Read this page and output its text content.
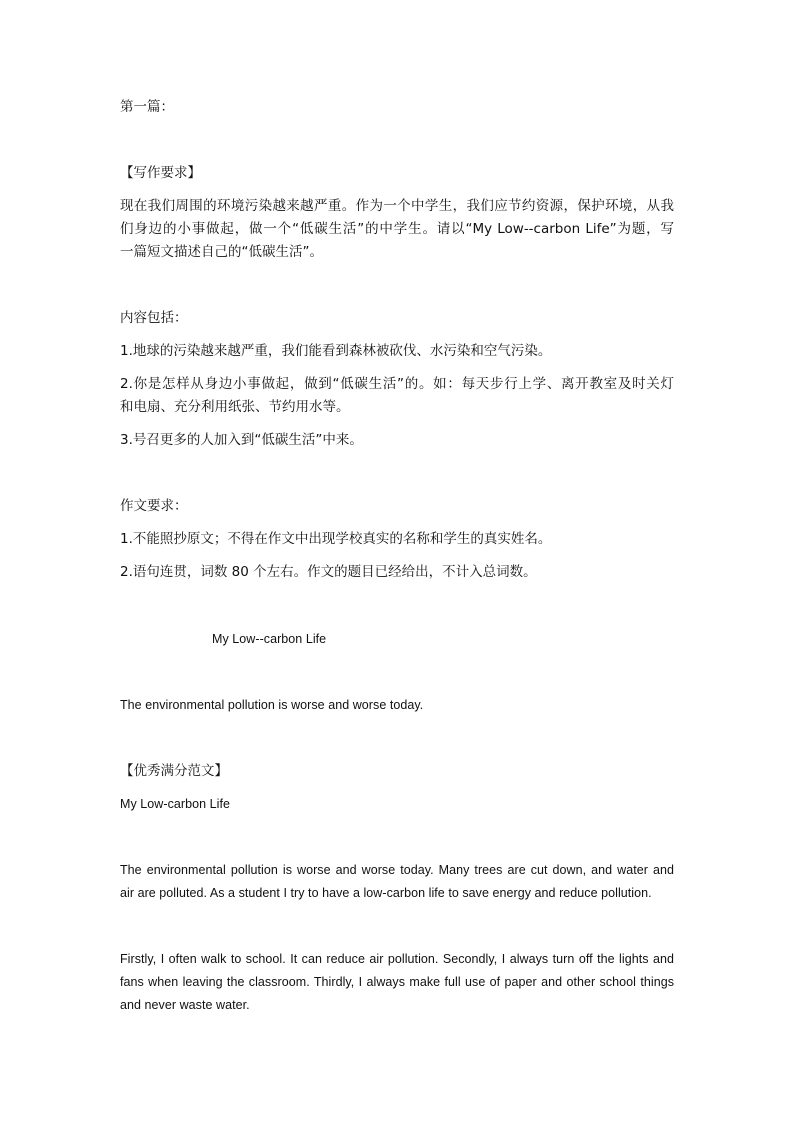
第一篇：
【写作要求】
现在我们周围的环境污染越来越严重。作为一个中学生，我们应节约资源，保护环境，从我
们身边的小事做起，做一个“低碳生活”的中学生。请以“My Low--carbon Life”为题，写
一篇短文描述自己的“低碳生活”。
内容包括：
1.地球的污染越来越严重，我们能看到森林被砍伐、水污染和空气污染。
2.你是怎样从身边小事做起，做到“低碳生活”的。如：每天步行上学、离开教室及时关灯
和电扇、充分利用纸张、节约用水等。
3.号召更多的人加入到“低碳生活”中来。
作文要求：
1.不能照抄原文；不得在作文中出现学校真实的名称和学生的真实姓名。
2.语句连贯，词数 80 个左右。作文的题目已经给出，不计入总词数。
My Low--carbon Life
The environmental pollution is worse and worse today.
【优秀满分范文】
My Low-carbon Life
The environmental pollution is worse and worse today. Many trees are cut down, and water and
air are polluted. As a student I try to have a low-carbon life to save energy and reduce pollution.
Firstly, I often walk to school. It can reduce air pollution. Secondly, I always turn off the lights and
fans when leaving the classroom. Thirdly, I always make full use of paper and other school things
and never waste water.
